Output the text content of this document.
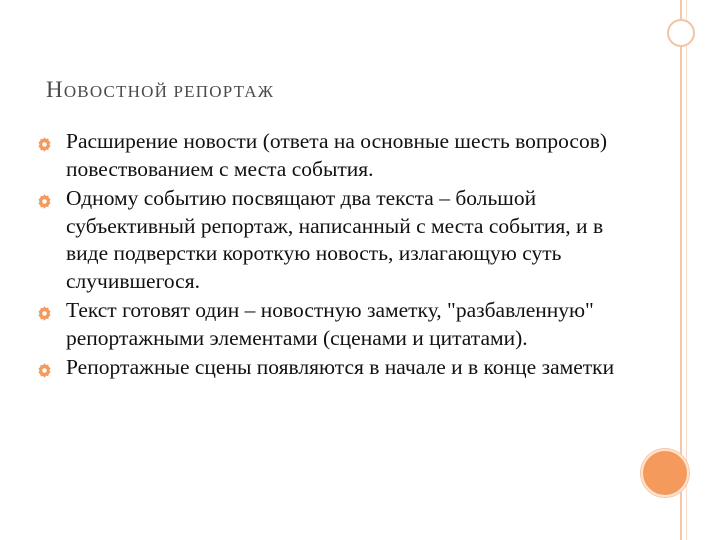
НОВОСТНОЙ РЕПОРТАЖ
Расширение новости (ответа на основные шесть вопросов) повествованием с места события.
Одному событию посвящают два текста – большой субъективный репортаж, написанный с места события, и в виде подверстки короткую новость, излагающую суть случившегося.
Текст готовят один – новостную заметку, "разбавленную" репортажными элементами (сценами и цитатами).
Репортажные сцены появляются в начале и в конце заметки
